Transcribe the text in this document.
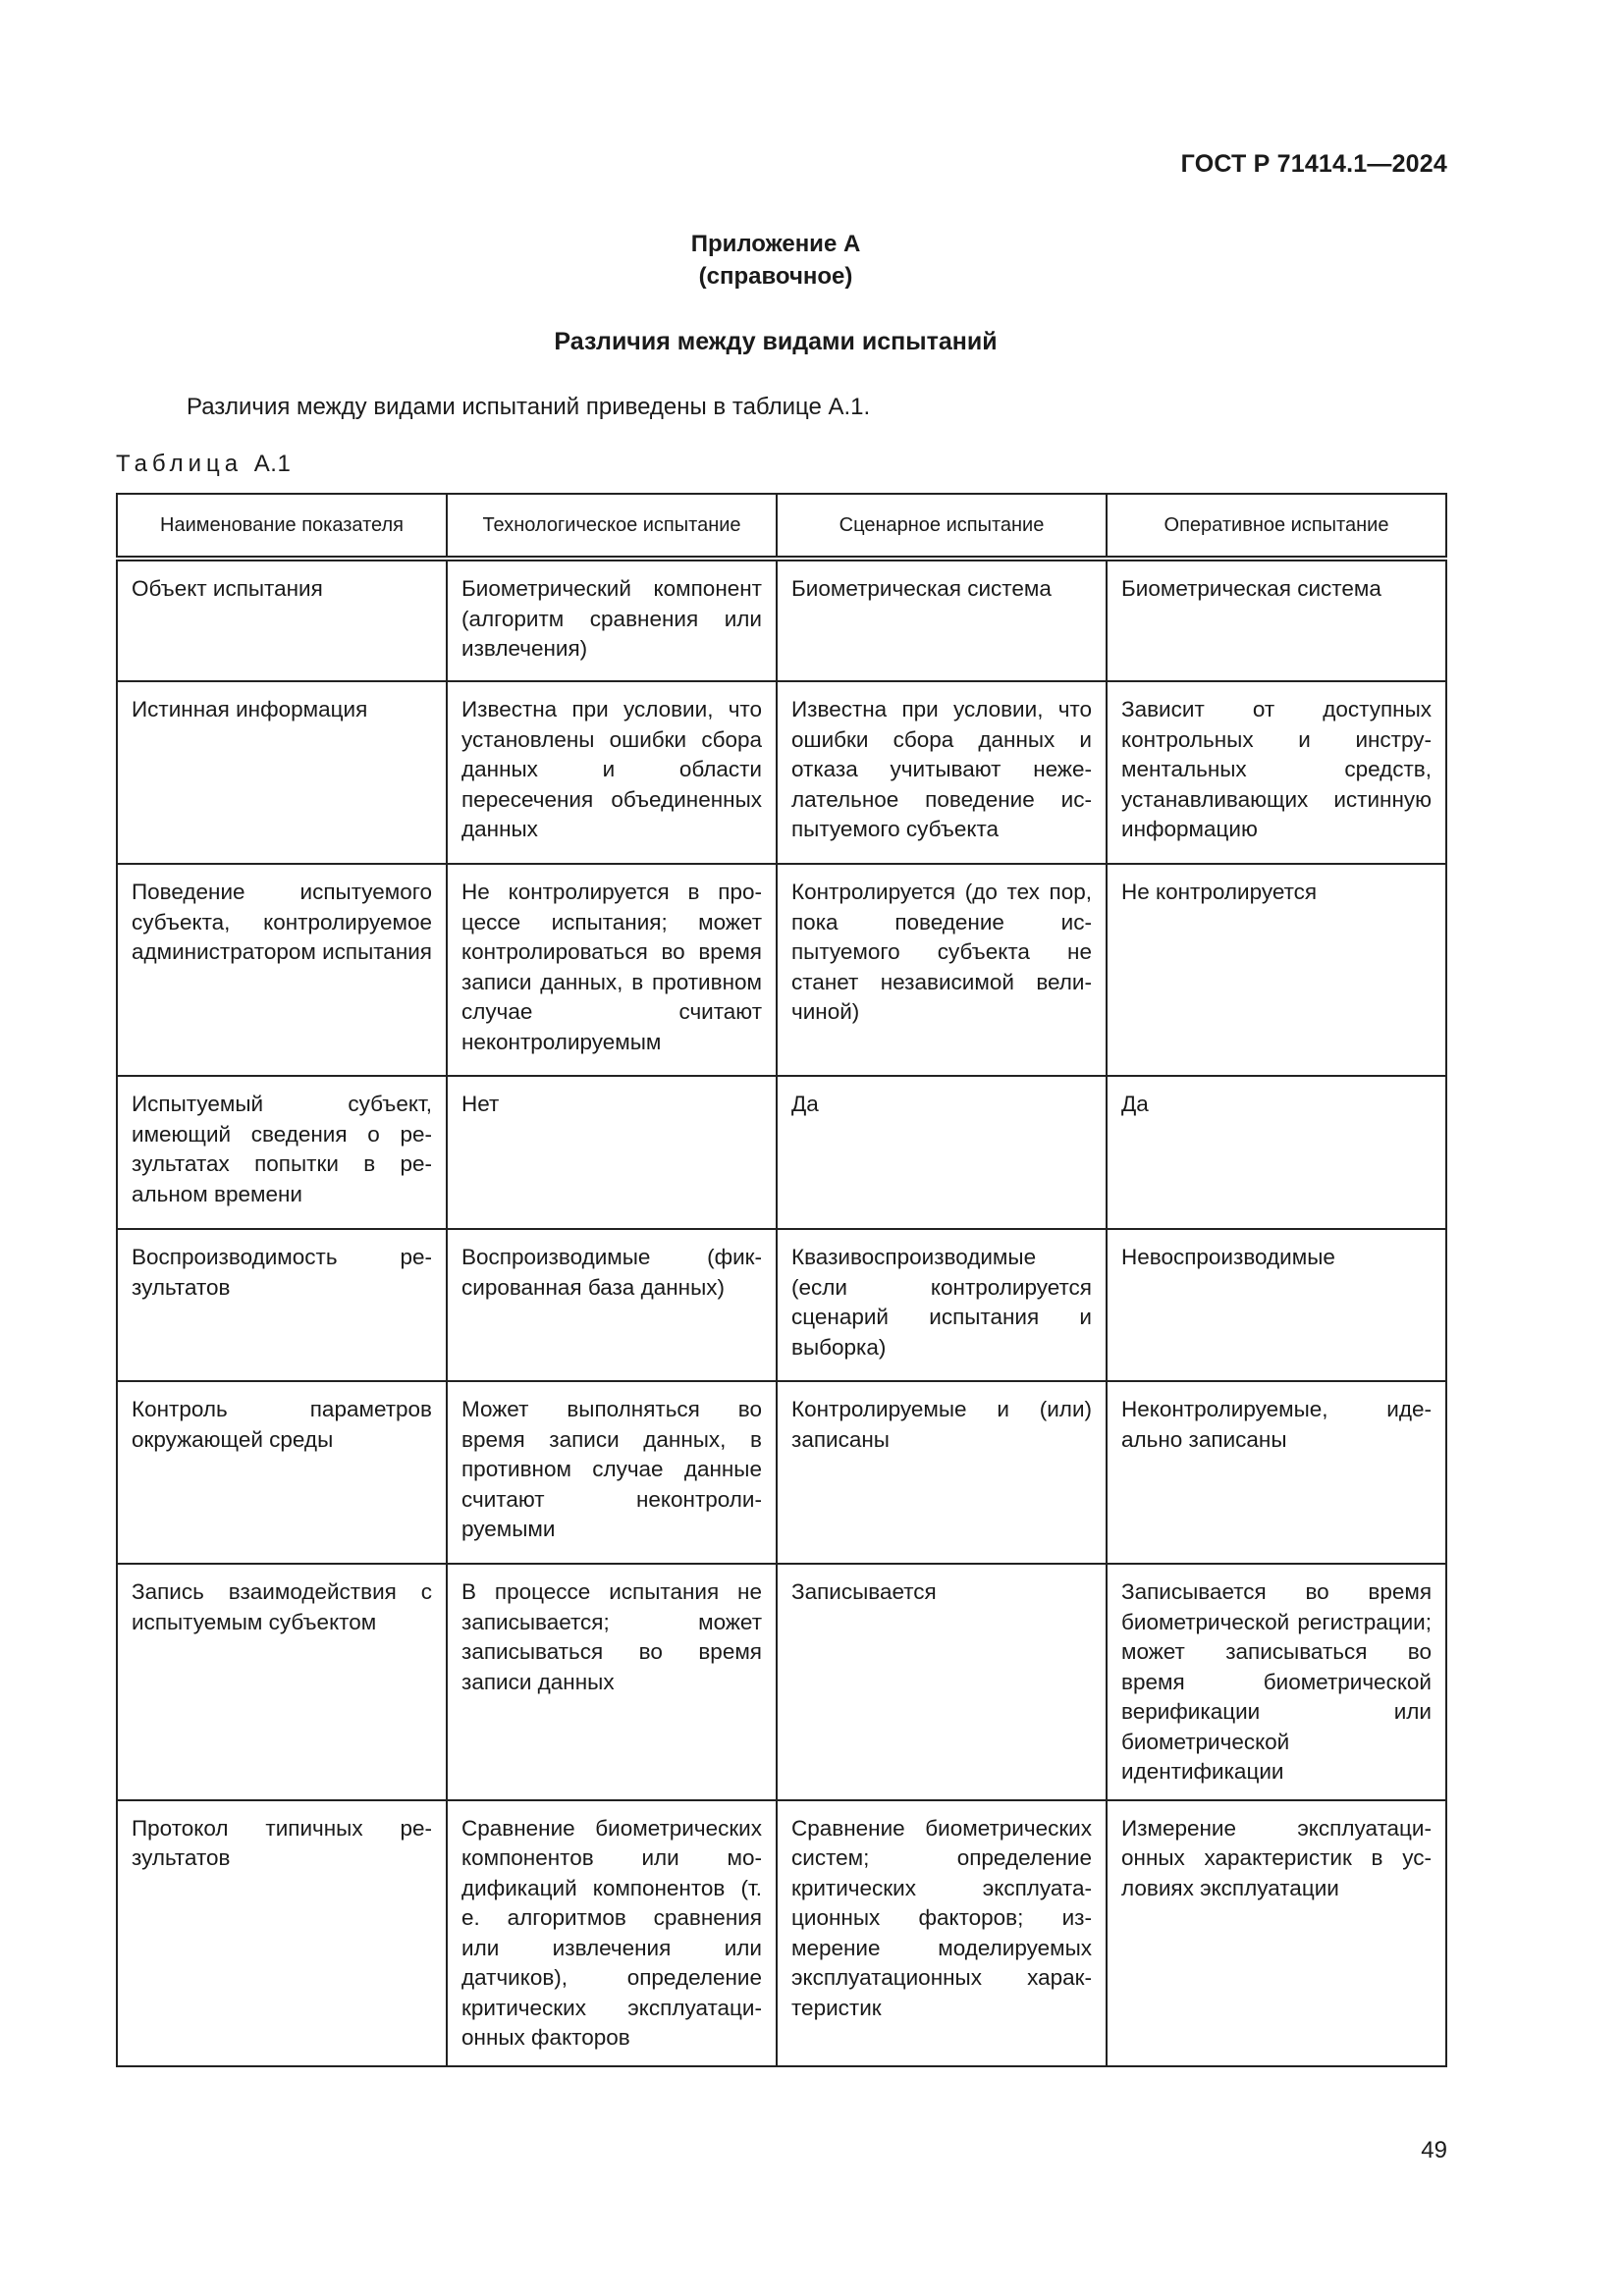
ГОСТ Р 71414.1—2024
Приложение А
(справочное)
Различия между видами испытаний
Различия между видами испытаний приведены в таблице А.1.
Таблица А.1
Наименование показателя	Технологическое испытание	Сценарное испытание	Оперативное испытание
Объект испытания	Биометрический компонент (алгоритм сравнения или извлечения)	Биометрическая система	Биометрическая система
Истинная информация	Известна при условии, что установлены ошибки сбора данных и области пересечения объединенных данных	Известна при условии, что ошибки сбора данных и отказа учитывают нежелательное поведение испытуемого субъекта	Зависит от доступных контрольных и инструментальных средств, устанавливающих истинную информацию
Поведение испытуемого субъекта, контролируемое администратором испытания	Не контролируется в процессе испытания; может контролироваться во время записи данных, в противном случае считают неконтролируемым	Контролируется (до тех пор, пока поведение испытуемого субъекта не станет независимой величиной)	Не контролируется
Испытуемый субъект, имеющий сведения о результатах попытки в реальном времени	Нет	Да	Да
Воспроизводимость результатов	Воспроизводимые (фиксированная база данных)	Квазивоспроизводимые (если контролируется сценарий испытания и выборка)	Невоспроизводимые
Контроль параметров окружающей среды	Может выполняться во время записи данных, в противном случае данные считают неконтролируемыми	Контролируемые и (или) записаны	Неконтролируемые, идеально записаны
Запись взаимодействия с испытуемым субъектом	В процессе испытания не записывается; может записываться во время записи данных	Записывается	Записывается во время биометрической регистрации; может записываться во время биометрической верификации или биометрической идентификации
Протокол типичных результатов	Сравнение биометрических компонентов или модификаций компонентов (т. е. алгоритмов сравнения или извлечения или датчиков), определение критических эксплуатационных факторов	Сравнение биометрических систем; определение критических эксплуатационных факторов; измерение моделируемых эксплуатационных характеристик	Измерение эксплуатационных характеристик в условиях эксплуатации
49
